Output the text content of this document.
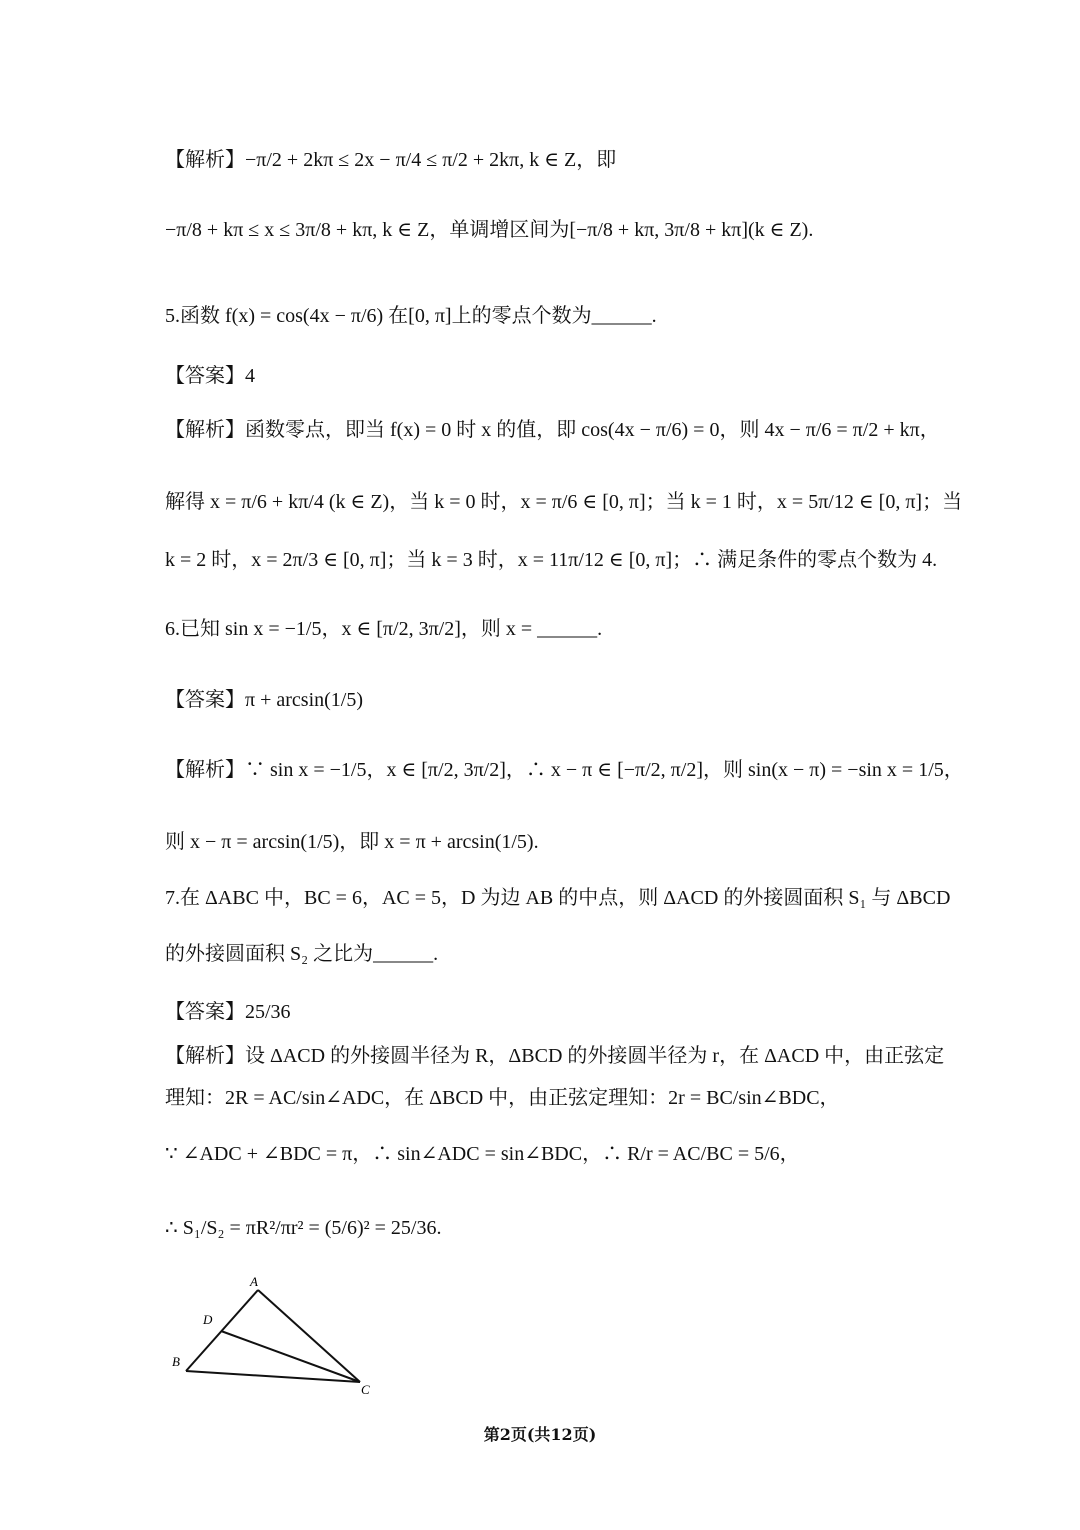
【解析】−π/2 + 2kπ ≤ 2x − π/4 ≤ π/2 + 2kπ, k ∈ Z，即
−π/8 + kπ ≤ x ≤ 3π/8 + kπ, k ∈ Z，单调增区间为[−π/8 + kπ, 3π/8 + kπ](k ∈ Z).
5.函数 f(x) = cos(4x − π/6) 在[0, π]上的零点个数为______.
【答案】4
【解析】函数零点，即当 f(x) = 0 时 x 的值，即 cos(4x − π/6) = 0，则 4x − π/6 = π/2 + kπ，
解得 x = π/6 + kπ/4 (k ∈ Z)，当 k = 0 时，x = π/6 ∈ [0, π]；当 k = 1 时，x = 5π/12 ∈ [0, π]；当
k = 2 时，x = 2π/3 ∈ [0, π]；当 k = 3 时，x = 11π/12 ∈ [0, π]；∴ 满足条件的零点个数为 4.
6.已知 sin x = −1/5，x ∈ [π/2, 3π/2]，则 x = ______.
【答案】π + arcsin(1/5)
【解析】∵ sin x = −1/5，x ∈ [π/2, 3π/2]，∴ x − π ∈ [−π/2, π/2]，则 sin(x − π) = −sin x = 1/5，
则 x − π = arcsin(1/5)，即 x = π + arcsin(1/5).
7.在 ΔABC 中，BC = 6，AC = 5，D 为边 AB 的中点，则 ΔACD 的外接圆面积 S₁ 与 ΔBCD
的外接圆面积 S₂ 之比为______.
【答案】25/36
【解析】设 ΔACD 的外接圆半径为 R，ΔBCD 的外接圆半径为 r，在 ΔACD 中，由正弦定
理知：2R = AC/sin∠ADC，在 ΔBCD 中，由正弦定理知：2r = BC/sin∠BDC，
∵ ∠ADC + ∠BDC = π，∴ sin∠ADC = sin∠BDC，∴ R/r = AC/BC = 5/6，
∴ S₁/S₂ = πR²/πr² = (5/6)² = 25/36.
A
D
B
C
第2页(共12页)
